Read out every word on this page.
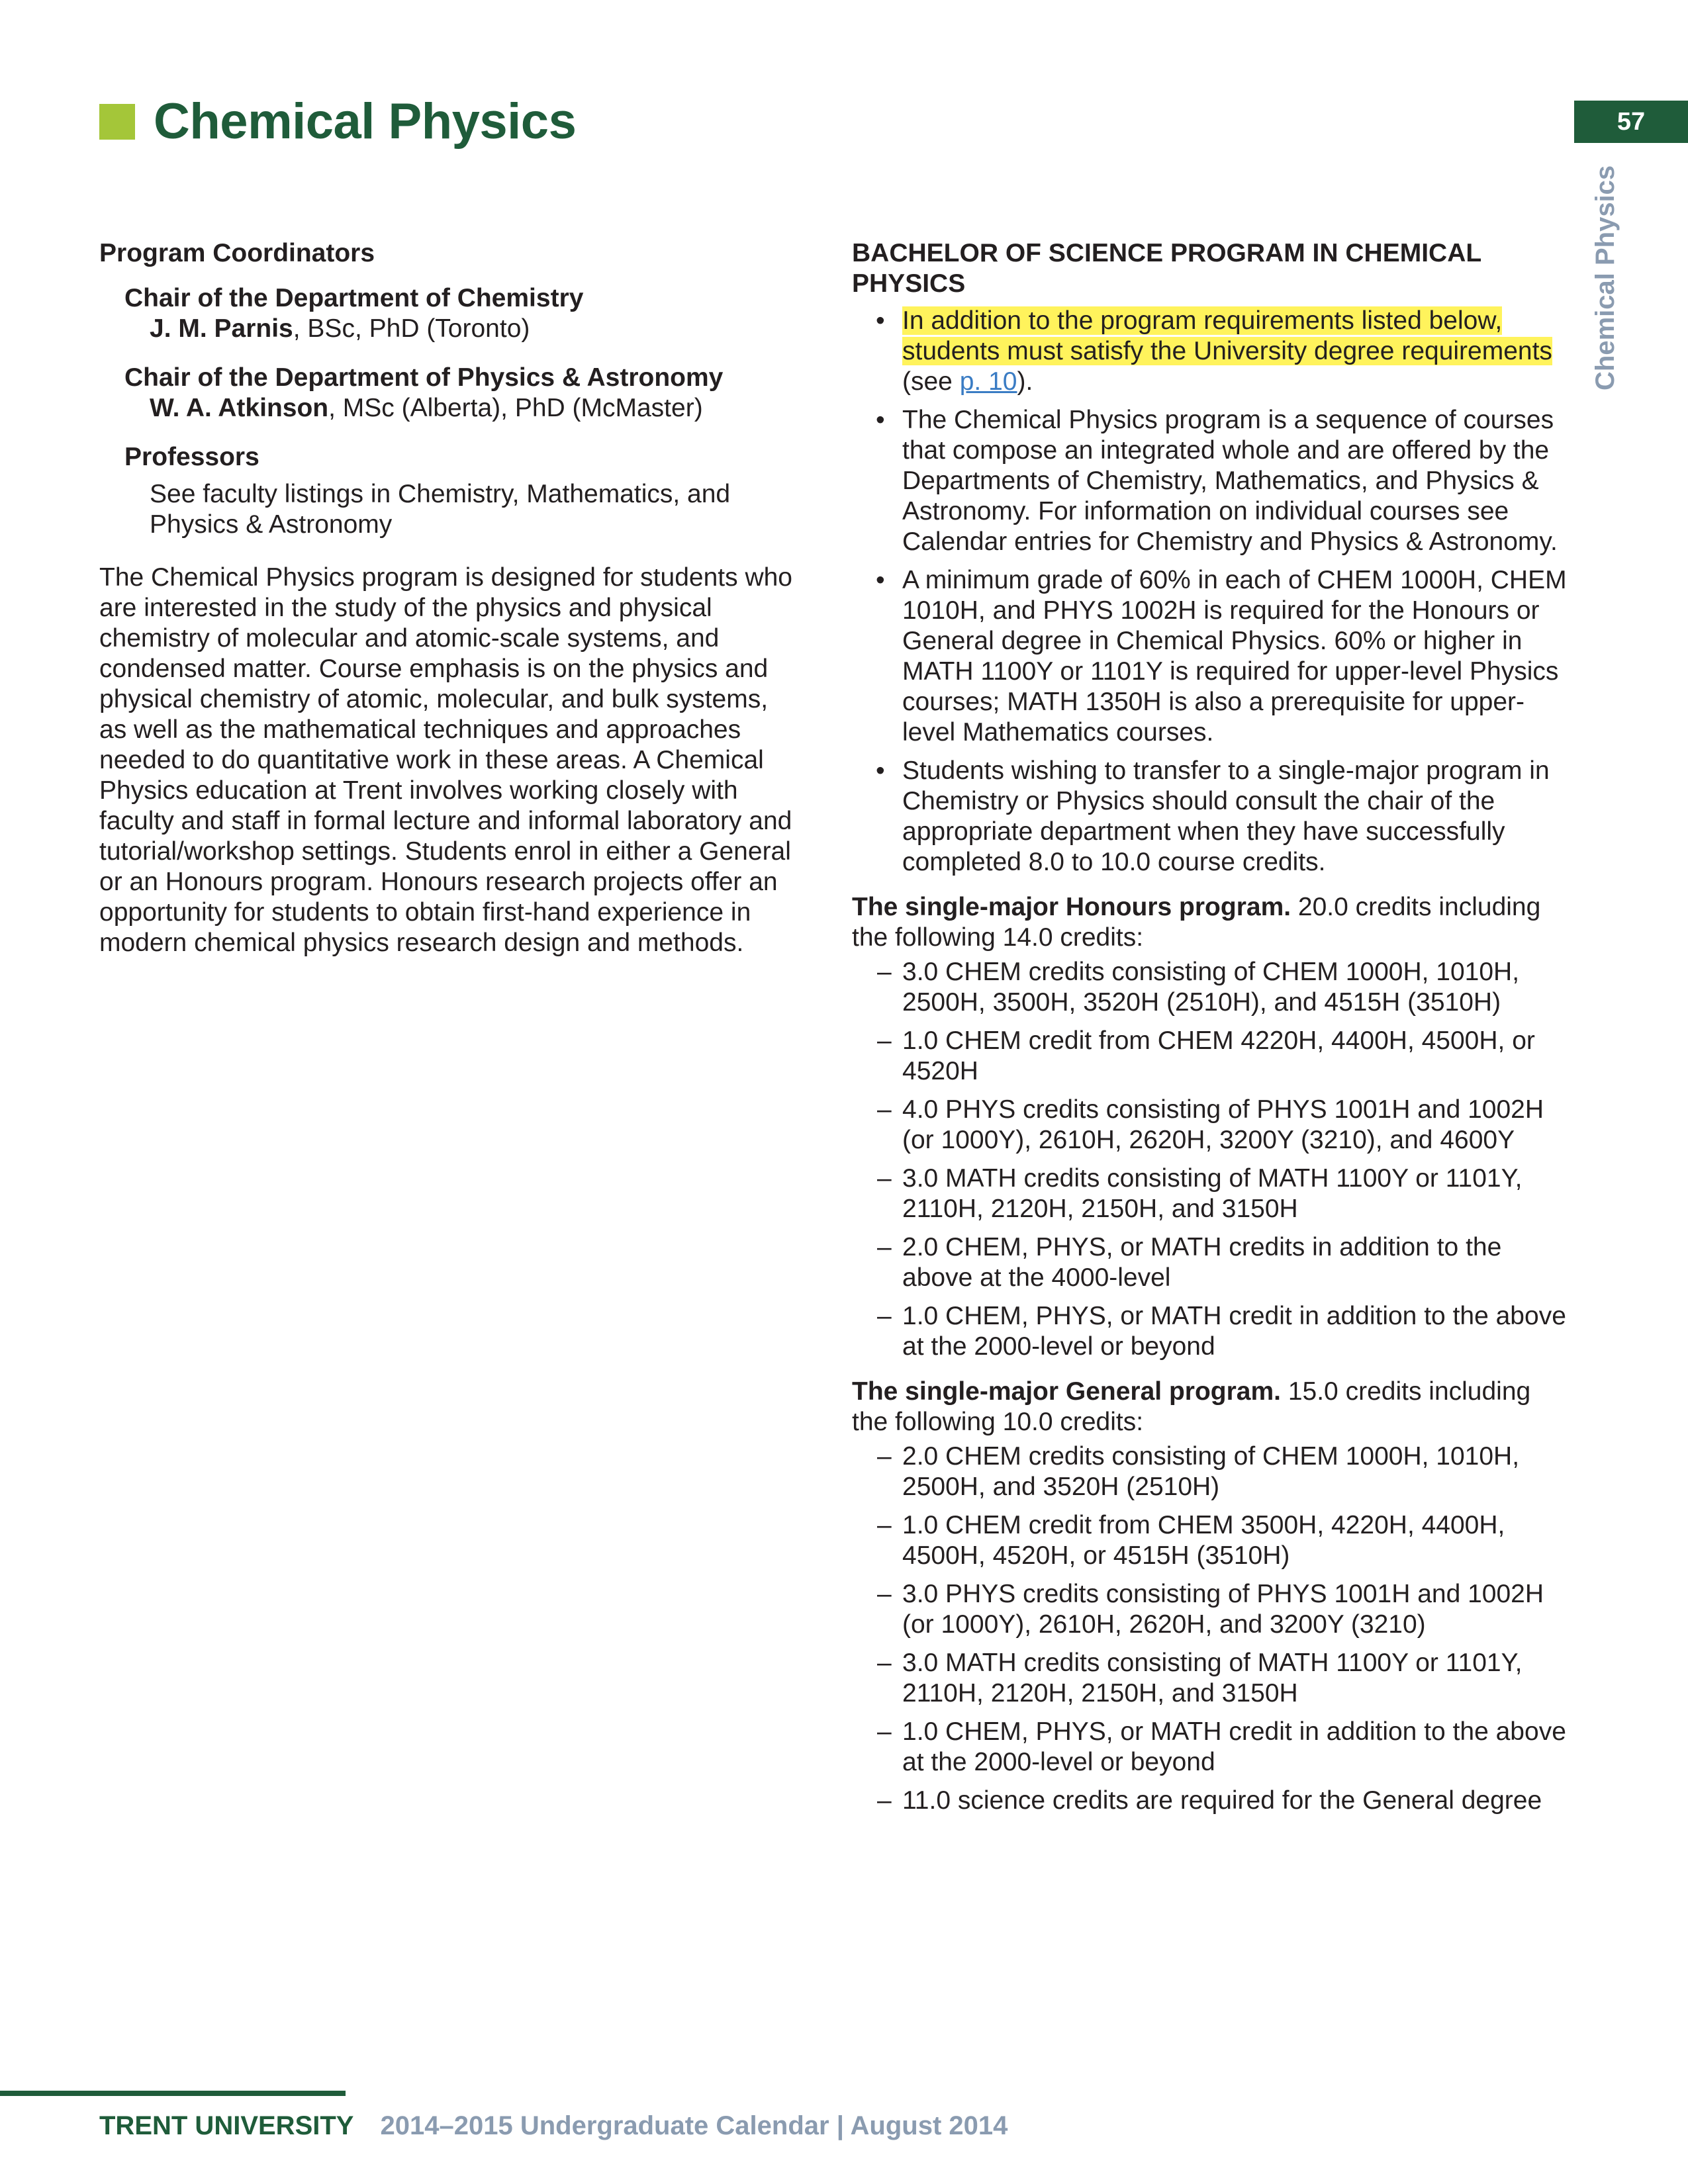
Chemical Physics	57
Chemical Physics
Program Coordinators
Chair of the Department of Chemistry
J. M. Parnis, BSc, PhD (Toronto)
Chair of the Department of Physics & Astronomy
W. A. Atkinson, MSc (Alberta), PhD (McMaster)
Professors
See faculty listings in Chemistry, Mathematics, and Physics & Astronomy

The Chemical Physics program is designed for students who are interested in the study of the physics and physical chemistry of molecular and atomic-scale systems, and condensed matter. Course emphasis is on the physics and physical chemistry of atomic, molecular, and bulk systems, as well as the mathematical techniques and approaches needed to do quantitative work in these areas. A Chemical Physics education at Trent involves working closely with faculty and staff in formal lecture and informal laboratory and tutorial/workshop settings. Students enrol in either a General or an Honours program. Honours research projects offer an opportunity for students to obtain first-hand experience in modern chemical physics research design and methods.

BACHELOR OF SCIENCE PROGRAM IN CHEMICAL PHYSICS
• In addition to the program requirements listed below, students must satisfy the University degree requirements (see p. 10).
• The Chemical Physics program is a sequence of courses that compose an integrated whole and are offered by the Departments of Chemistry, Mathematics, and Physics & Astronomy. For information on individual courses see Calendar entries for Chemistry and Physics & Astronomy.
• A minimum grade of 60% in each of CHEM 1000H, CHEM 1010H, and PHYS 1002H is required for the Honours or General degree in Chemical Physics. 60% or higher in MATH 1100Y or 1101Y is required for upper-level Physics courses; MATH 1350H is also a prerequisite for upper-level Mathematics courses.
• Students wishing to transfer to a single-major program in Chemistry or Physics should consult the chair of the appropriate department when they have successfully completed 8.0 to 10.0 course credits.

The single-major Honours program. 20.0 credits including the following 14.0 credits:

– 3.0 CHEM credits consisting of CHEM 1000H, 1010H, 2500H, 3500H, 3520H (2510H), and 4515H (3510H)
– 1.0 CHEM credit from CHEM 4220H, 4400H, 4500H, or 4520H
– 4.0 PHYS credits consisting of PHYS 1001H and 1002H (or 1000Y), 2610H, 2620H, 3200Y (3210), and 4600Y
– 3.0 MATH credits consisting of MATH 1100Y or 1101Y, 2110H, 2120H, 2150H, and 3150H
– 2.0 CHEM, PHYS, or MATH credits in addition to the above at the 4000-level
– 1.0 CHEM, PHYS, or MATH credit in addition to the above at the 2000-level or beyond

The single-major General program. 15.0 credits including the following 10.0 credits:

– 2.0 CHEM credits consisting of CHEM 1000H, 1010H, 2500H, and 3520H (2510H)
– 1.0 CHEM credit from CHEM 3500H, 4220H, 4400H, 4500H, 4520H, or 4515H (3510H)
– 3.0 PHYS credits consisting of PHYS 1001H and 1002H (or 1000Y), 2610H, 2620H, and 3200Y (3210)
– 3.0 MATH credits consisting of MATH 1100Y or 1101Y, 2110H, 2120H, 2150H, and 3150H
– 1.0 CHEM, PHYS, or MATH credit in addition to the above at the 2000-level or beyond
– 11.0 science credits are required for the General degree
TRENT UNIVERSITY 2014–2015 Undergraduate Calendar | August 2014
